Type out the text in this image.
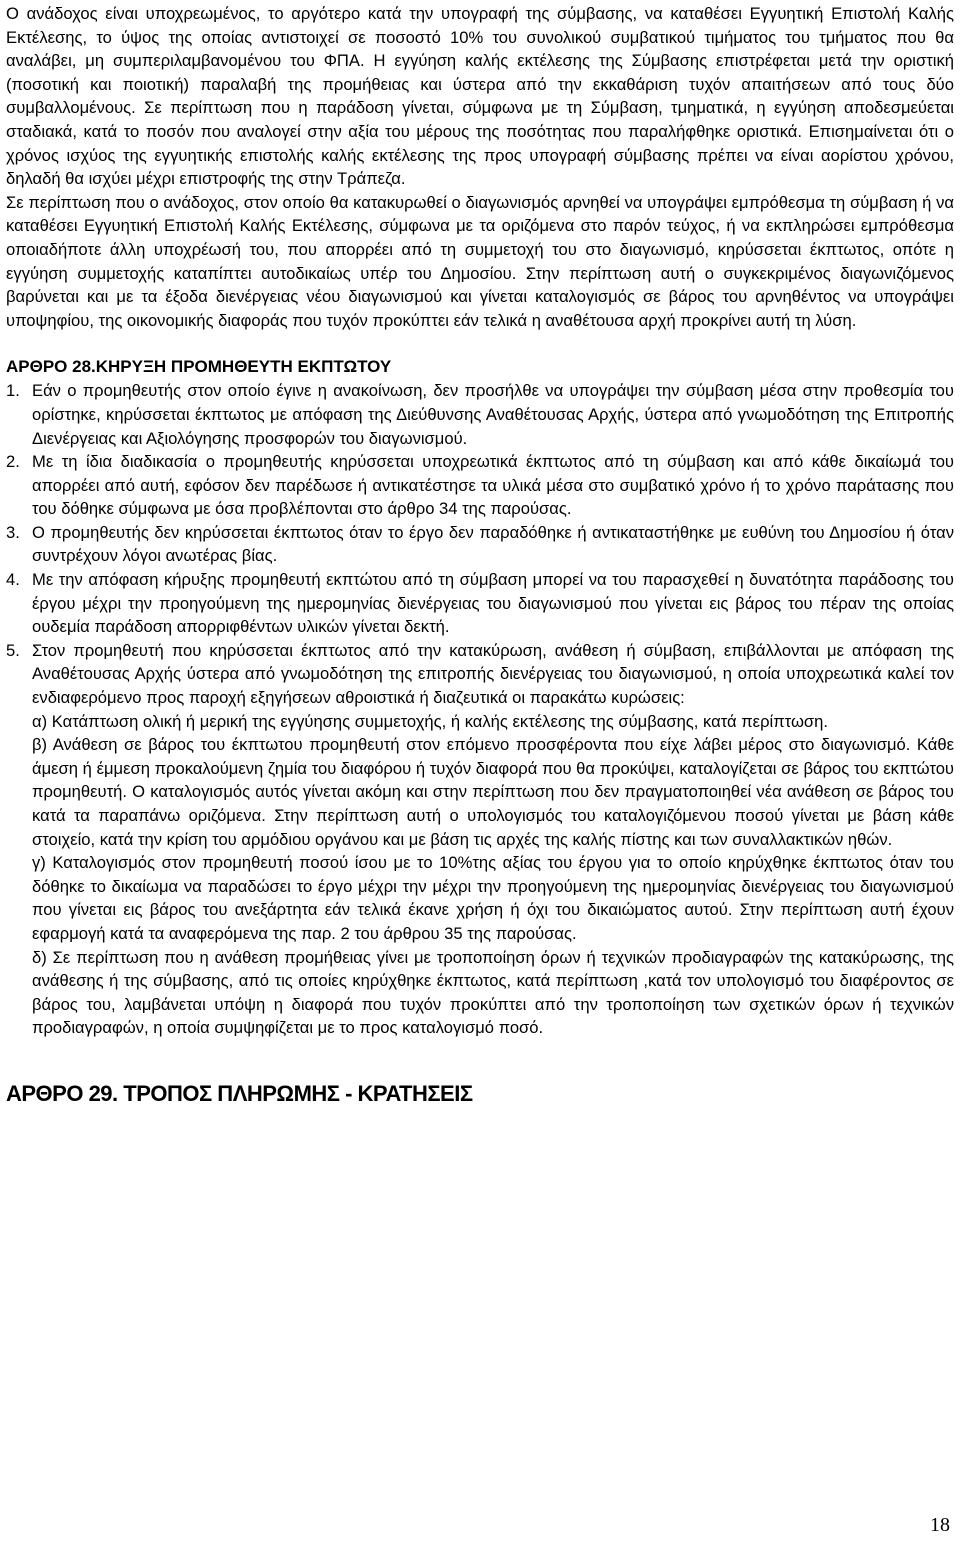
Ο ανάδοχος είναι υποχρεωμένος, το αργότερο κατά την υπογραφή της σύμβασης, να καταθέσει Εγγυητική Επιστολή Καλής Εκτέλεσης, το ύψος της οποίας αντιστοιχεί σε ποσοστό 10% του συνολικού συμβατικού τιμήματος του τμήματος που θα αναλάβει, μη συμπεριλαμβανομένου του ΦΠΑ. Η εγγύηση καλής εκτέλεσης της Σύμβασης επιστρέφεται μετά την οριστική (ποσοτική και ποιοτική) παραλαβή της προμήθειας και ύστερα από την εκκαθάριση τυχόν απαιτήσεων από τους δύο συμβαλλομένους. Σε περίπτωση που η παράδοση γίνεται, σύμφωνα με τη Σύμβαση, τμηματικά, η εγγύηση αποδεσμεύεται σταδιακά, κατά το ποσόν που αναλογεί στην αξία του μέρους της ποσότητας που παραλήφθηκε οριστικά. Επισημαίνεται ότι ο χρόνος ισχύος της εγγυητικής επιστολής καλής εκτέλεσης της προς υπογραφή σύμβασης πρέπει να είναι αορίστου χρόνου, δηλαδή θα ισχύει μέχρι επιστροφής της στην Τράπεζα.

Σε περίπτωση που ο ανάδοχος, στον οποίο θα κατακυρωθεί ο διαγωνισμός αρνηθεί να υπογράψει εμπρόθεσμα τη σύμβαση ή να καταθέσει Εγγυητική Επιστολή Καλής Εκτέλεσης, σύμφωνα με τα οριζόμενα στο παρόν τεύχος, ή να εκπληρώσει εμπρόθεσμα οποιαδήποτε άλλη υποχρέωσή του, που απορρέει από τη συμμετοχή του στο διαγωνισμό, κηρύσσεται έκπτωτος, οπότε η εγγύηση συμμετοχής καταπίπτει αυτοδικαίως υπέρ του Δημοσίου. Στην περίπτωση αυτή ο συγκεκριμένος διαγωνιζόμενος βαρύνεται και με τα έξοδα διενέργειας νέου διαγωνισμού και γίνεται καταλογισμός σε βάρος του αρνηθέντος να υπογράψει υποψηφίου, της οικονομικής διαφοράς που τυχόν προκύπτει εάν τελικά η αναθέτουσα αρχή προκρίνει αυτή τη λύση.

ΑΡΘΡΟ 28.ΚΗΡΥΞΗ ΠΡΟΜΗΘΕΥΤΗ ΕΚΠΤΩΤΟΥ
1. Εάν ο προμηθευτής στον οποίο έγινε η ανακοίνωση, δεν προσήλθε να υπογράψει την σύμβαση μέσα στην προθεσμία του ορίστηκε, κηρύσσεται έκπτωτος με απόφαση της Διεύθυνσης Αναθέτουσας Αρχής, ύστερα από γνωμοδότηση της Επιτροπής Διενέργειας και Αξιολόγησης προσφορών του διαγωνισμού.

2. Με τη ίδια διαδικασία ο προμηθευτής κηρύσσεται υποχρεωτικά έκπτωτος από τη σύμβαση και από κάθε δικαίωμά του απορρέει από αυτή, εφόσον δεν παρέδωσε ή αντικατέστησε τα υλικά μέσα στο συμβατικό χρόνο ή το χρόνο παράτασης που του δόθηκε σύμφωνα με όσα προβλέπονται στο άρθρο 34 της παρούσας.

3. Ο προμηθευτής δεν κηρύσσεται έκπτωτος όταν το έργο δεν παραδόθηκε ή αντικαταστήθηκε με ευθύνη του Δημοσίου ή όταν συντρέχουν λόγοι ανωτέρας βίας.

4. Με την απόφαση κήρυξης προμηθευτή εκπτώτου από τη σύμβαση μπορεί να του παρασχεθεί η δυνατότητα παράδοσης του έργου μέχρι την προηγούμενη της ημερομηνίας διενέργειας του διαγωνισμού που γίνεται εις βάρος του πέραν της οποίας ουδεμία παράδοση απορριφθέντων υλικών γίνεται δεκτή.

5. Στον προμηθευτή που κηρύσσεται έκπτωτος από την κατακύρωση, ανάθεση ή σύμβαση, επιβάλλονται με απόφαση της Αναθέτουσας Αρχής ύστερα από γνωμοδότηση της επιτροπής διενέργειας του διαγωνισμού, η οποία υποχρεωτικά καλεί τον ενδιαφερόμενο προς παροχή εξηγήσεων αθροιστικά ή διαζευτικά οι παρακάτω κυρώσεις:

α) Κατάπτωση ολική ή μερική της εγγύησης συμμετοχής, ή καλής εκτέλεσης της σύμβασης, κατά περίπτωση.

β) Ανάθεση σε βάρος του έκπτωτου προμηθευτή στον επόμενο προσφέροντα που είχε λάβει μέρος στο διαγωνισμό. Κάθε άμεση ή έμμεση προκαλούμενη ζημία του διαφόρου ή τυχόν διαφορά που θα προκύψει, καταλογίζεται σε βάρος του εκπτώτου προμηθευτή. Ο καταλογισμός αυτός γίνεται ακόμη και στην περίπτωση που δεν πραγματοποιηθεί νέα ανάθεση σε βάρος του κατά τα παραπάνω οριζόμενα. Στην περίπτωση αυτή ο υπολογισμός του καταλογιζόμενου ποσού γίνεται με βάση κάθε στοιχείο, κατά την κρίση του αρμόδιου οργάνου και με βάση τις αρχές της καλής πίστης και των συναλλακτικών ηθών.

γ) Καταλογισμός στον προμηθευτή ποσού ίσου με το 10%της αξίας του έργου για το οποίο κηρύχθηκε έκπτωτος όταν του δόθηκε το δικαίωμα να παραδώσει το έργο μέχρι την μέχρι την προηγούμενη της ημερομηνίας διενέργειας του διαγωνισμού που γίνεται εις βάρος του ανεξάρτητα εάν τελικά έκανε χρήση ή όχι του δικαιώματος αυτού. Στην περίπτωση αυτή έχουν εφαρμογή κατά τα αναφερόμενα της παρ. 2 του άρθρου 35 της παρούσας.

δ) Σε περίπτωση που η ανάθεση προμήθειας γίνει με τροποποίηση όρων ή τεχνικών προδιαγραφών της κατακύρωσης, της ανάθεσης ή της σύμβασης, από τις οποίες κηρύχθηκε έκπτωτος, κατά περίπτωση ,κατά τον υπολογισμό του διαφέροντος σε βάρος του, λαμβάνεται υπόψη η διαφορά που τυχόν προκύπτει από την τροποποίηση των σχετικών όρων ή τεχνικών προδιαγραφών, η οποία συμψηφίζεται με το προς καταλογισμό ποσό.

ΑΡΘΡΟ 29. ΤΡΟΠΟΣ ΠΛΗΡΩΜΗΣ - ΚΡΑΤΗΣΕΙΣ
18
